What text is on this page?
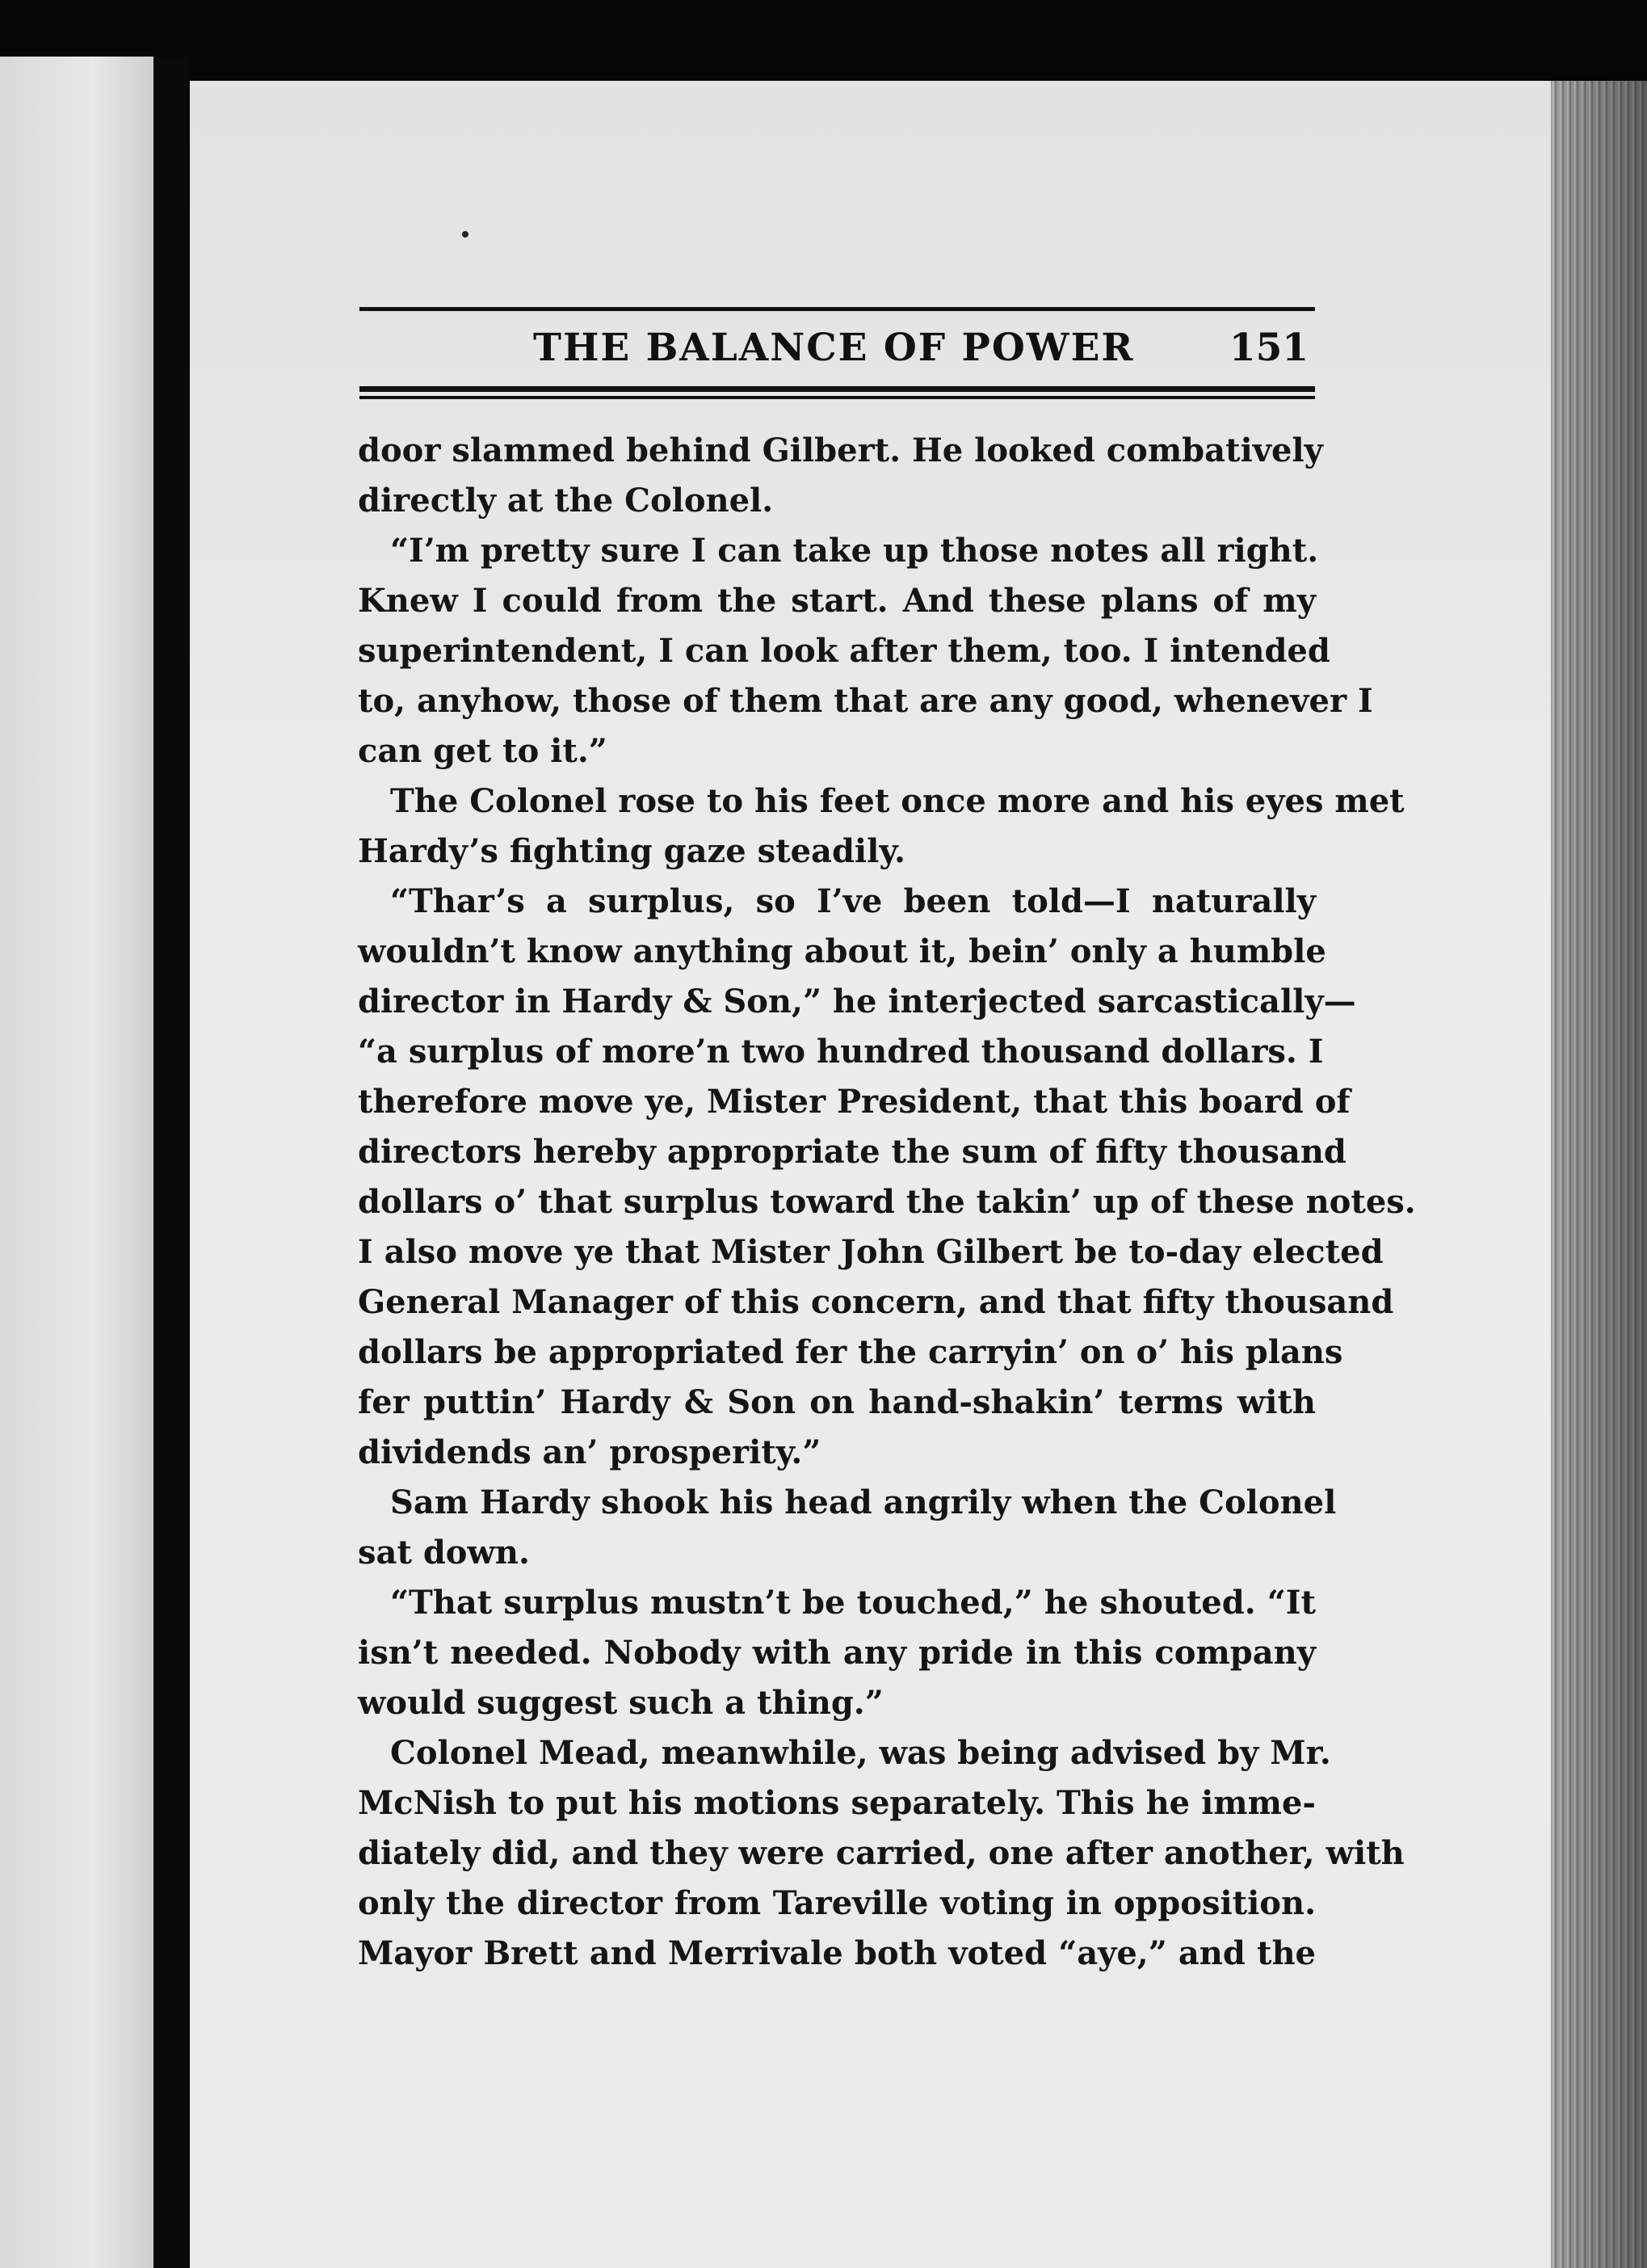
THE BALANCE OF POWER 151
door slammed behind Gilbert. He looked combatively
directly at the Colonel.
“I’m pretty sure I can take up those notes all right.
Knew I could from the start. And these plans of my
superintendent, I can look after them, too. I intended
to, anyhow, those of them that are any good, whenever I
can get to it.”
The Colonel rose to his feet once more and his eyes met
Hardy’s fighting gaze steadily.
“Thar’s a surplus, so I’ve been told—I naturally
wouldn’t know anything about it, bein’ only a humble
director in Hardy & Son,” he interjected sarcastically—
“a surplus of more’n two hundred thousand dollars. I
therefore move ye, Mister President, that this board of
directors hereby appropriate the sum of fifty thousand
dollars o’ that surplus toward the takin’ up of these notes.
I also move ye that Mister John Gilbert be to-day elected
General Manager of this concern, and that fifty thousand
dollars be appropriated fer the carryin’ on o’ his plans
fer puttin’ Hardy & Son on hand-shakin’ terms with
dividends an’ prosperity.”
Sam Hardy shook his head angrily when the Colonel
sat down.
“That surplus mustn’t be touched,” he shouted. “It
isn’t needed. Nobody with any pride in this company
would suggest such a thing.”
Colonel Mead, meanwhile, was being advised by Mr.
McNish to put his motions separately. This he imme-
diately did, and they were carried, one after another, with
only the director from Tareville voting in opposition.
Mayor Brett and Merrivale both voted “aye,” and the
